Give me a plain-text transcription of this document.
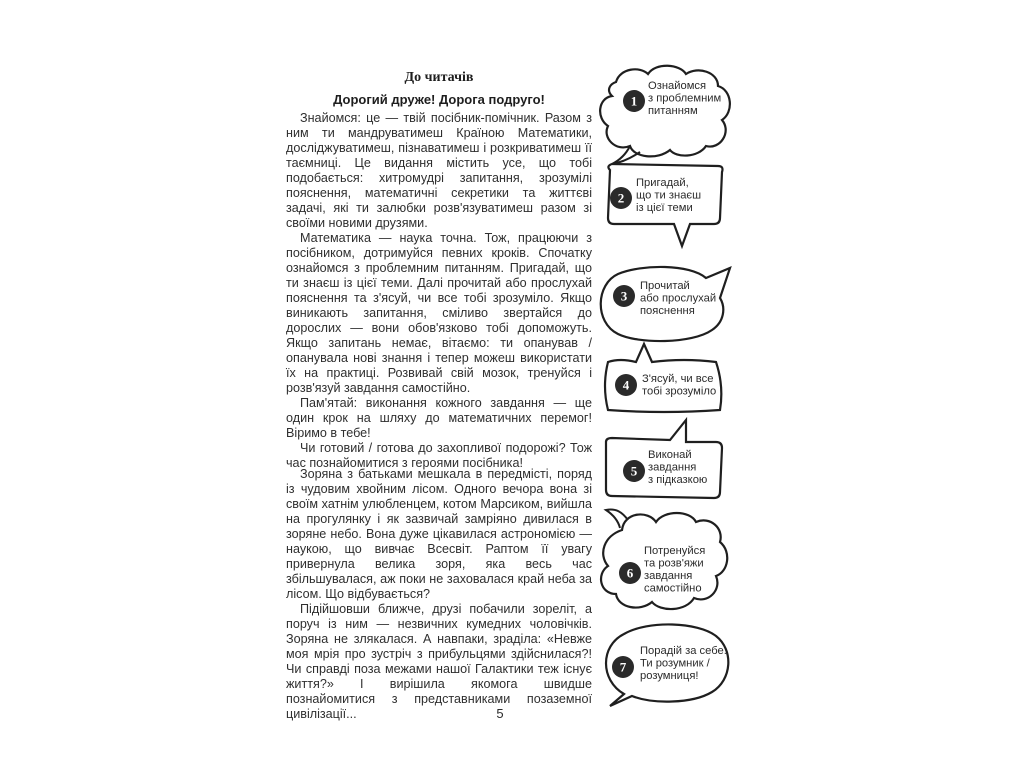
До читачів
Дорогий друже! Дорога подруго!

Знайомся: це — твій посібник-помічник. Разом з ним ти мандруватимеш Країною Математики, досліджуватимеш, пізнаватимеш і розкриватимеш її таємниці. Це видання містить усе, що тобі подобається: хитромудрі запитання, зрозумілі пояснення, математичні секретики та життєві задачі, які ти залюбки розв'язуватимеш разом зі своїми новими друзями.

Математика — наука точна. Тож, працюючи з посібником, дотримуйся певних кроків. Спочатку ознайомся з проблемним питанням. Пригадай, що ти знаєш із цієї теми. Далі прочитай або прослухай пояснення та з'ясуй, чи все тобі зрозуміло. Якщо виникають запитання, сміливо звертайся до дорослих — вони обов'язково тобі допоможуть. Якщо запитань немає, вітаємо: ти опанував / опанувала нові знання і тепер можеш використати їх на практиці. Розвивай свій мозок, тренуйся і розв'язуй завдання самостійно.

Пам'ятай: виконання кожного завдання — ще один крок на шляху до математичних перемог! Віримо в тебе!

Чи готовий / готова до захопливої подорожі? Тож час познайомитися з героями посібника!

Зоряна з батьками мешкала в передмісті, поряд із чудовим хвойним лісом. Одного вечора вона зі своїм хатнім улюбленцем, котом Марсиком, вийшла на прогулянку і як зазвичай замріяно дивилася в зоряне небо. Вона дуже цікавилася астрономією — наукою, що вивчає Всесвіт. Раптом її увагу привернула велика зоря, яка весь час збільшувалася, аж поки не заховалася край неба за лісом. Що відбувається?

Підійшовши ближче, друзі побачили зореліт, а поруч із ним — незвичних кумедних чоловічків. Зоряна не злякалася. А навпаки, зраділа: «Невже моя мрія про зустріч з прибульцями здійснилася?! Чи справді поза межами нашої Галактики теж існує життя?» І вирішила якомога швидше познайомитися з представниками позаземної цивілізації...	5
1
Ознайомся
з проблемним
питанням
2
Пригадай,
що ти знаєш
із цієї теми
3
Прочитай
або прослухай
пояснення
4 З'ясуй, чи все
тобі зрозуміло
5
Виконай
завдання
з підказкою
6
Потренуйся
та розв'яжи
завдання
самостійно
7
Порадій за себе.
Ти розумник /
розумниця!
